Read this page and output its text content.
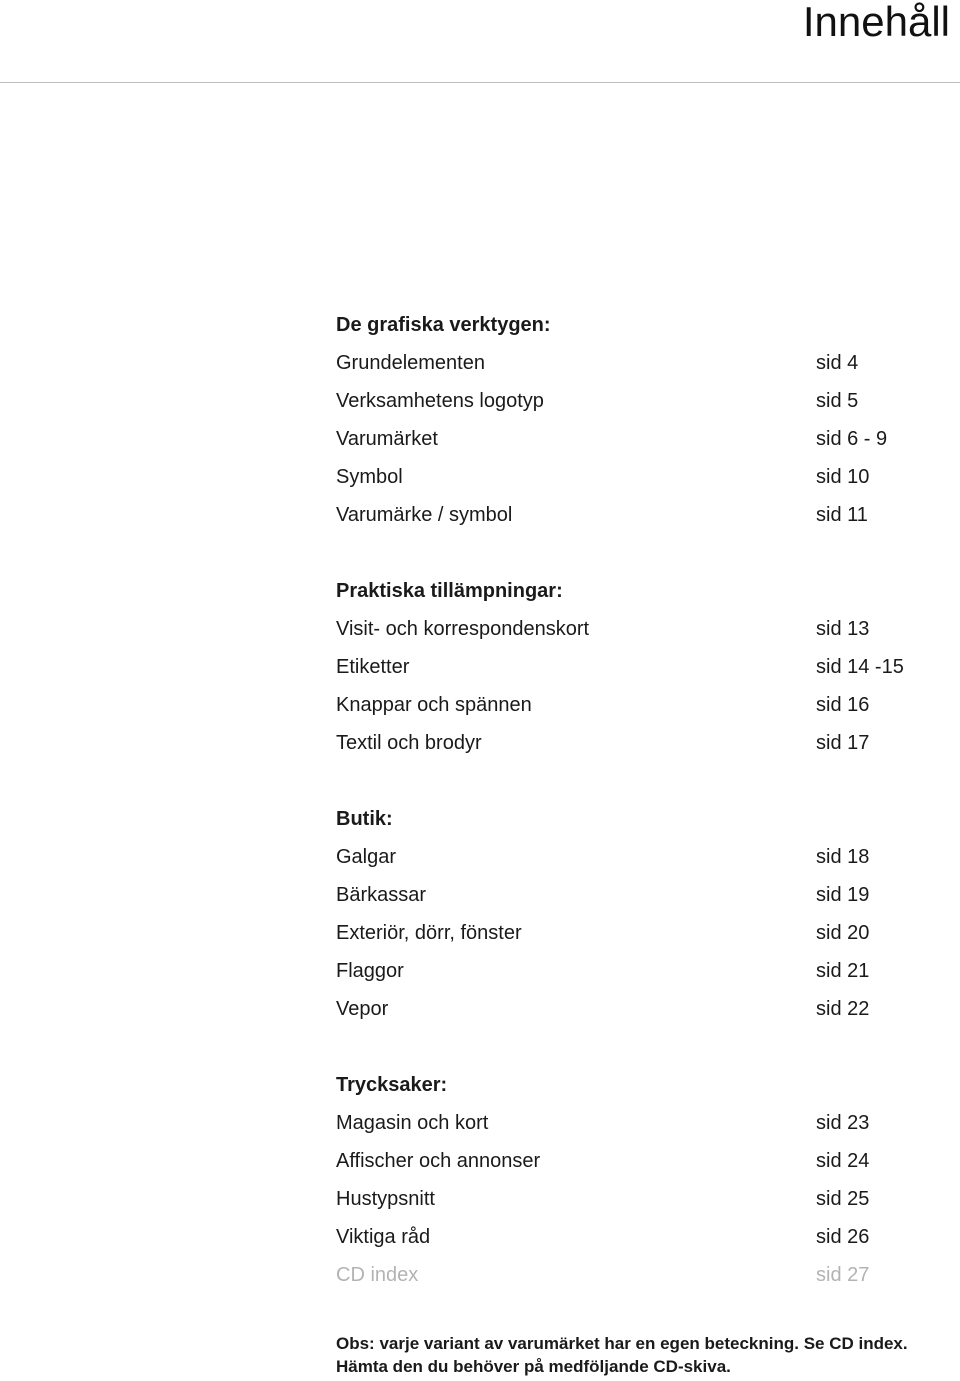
Innehåll
De grafiska verktygen:
Grundelementen	sid 4
Verksamhetens logotyp	sid 5
Varumärket	sid 6 - 9
Symbol	sid 10
Varumärke / symbol	sid 11
Praktiska tillämpningar:
Visit- och korrespondenskort	sid 13
Etiketter	sid 14 -15
Knappar och spännen	sid 16
Textil och brodyr	sid 17
Butik:
Galgar	sid 18
Bärkassar	sid 19
Exteriör, dörr, fönster	sid 20
Flaggor	sid 21
Vepor	sid 22
Trycksaker:
Magasin och kort	sid 23
Affischer och annonser	sid 24
Hustypsnitt	sid 25
Viktiga råd	sid 26
CD index	sid 27
Obs: varje variant av varumärket har en egen beteckning. Se CD index.
Hämta den du behöver på medföljande CD-skiva.
